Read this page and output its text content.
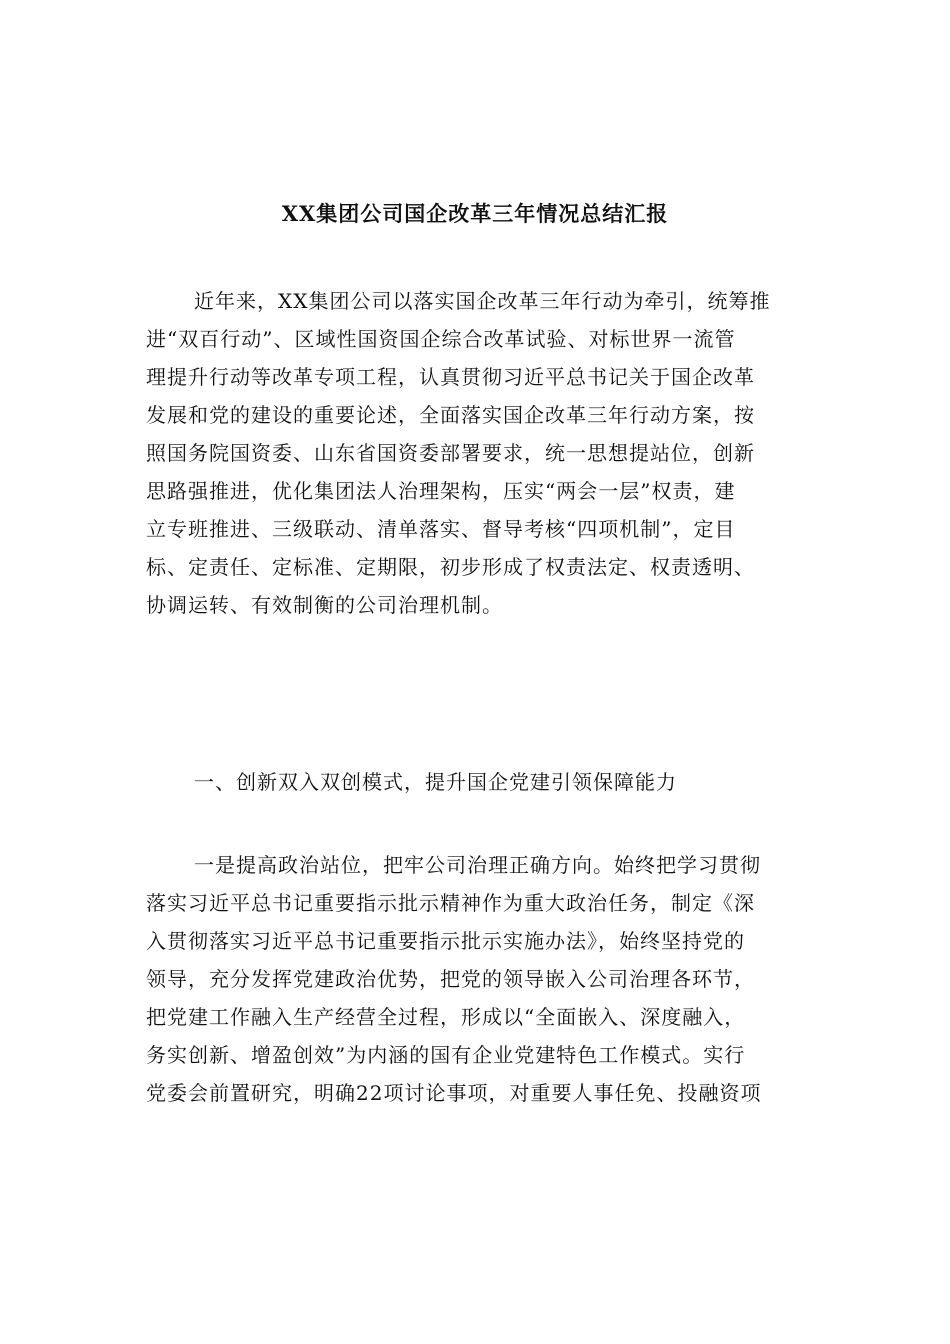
XX集团公司国企改革三年情况总结汇报
近年来，XX集团公司以落实国企改革三年行动为牵引，统筹推
进“双百行动”、区域性国资国企综合改革试验、对标世界一流管
理提升行动等改革专项工程，认真贯彻习近平总书记关于国企改革
发展和党的建设的重要论述，全面落实国企改革三年行动方案，按
照国务院国资委、山东省国资委部署要求，统一思想提站位，创新
思路强推进，优化集团法人治理架构，压实“两会一层”权责，建
立专班推进、三级联动、清单落实、督导考核“四项机制”，定目
标、定责任、定标准、定期限，初步形成了权责法定、权责透明、
协调运转、有效制衡的公司治理机制。
一、创新双入双创模式，提升国企党建引领保障能力
一是提高政治站位，把牢公司治理正确方向。始终把学习贯彻
落实习近平总书记重要指示批示精神作为重大政治任务，制定《深
入贯彻落实习近平总书记重要指示批示实施办法》，始终坚持党的
领导，充分发挥党建政治优势，把党的领导嵌入公司治理各环节，
把党建工作融入生产经营全过程，形成以“全面嵌入、深度融入，
务实创新、增盈创效”为内涵的国有企业党建特色工作模式。实行
党委会前置研究，明确22项讨论事项，对重要人事任免、投融资项
